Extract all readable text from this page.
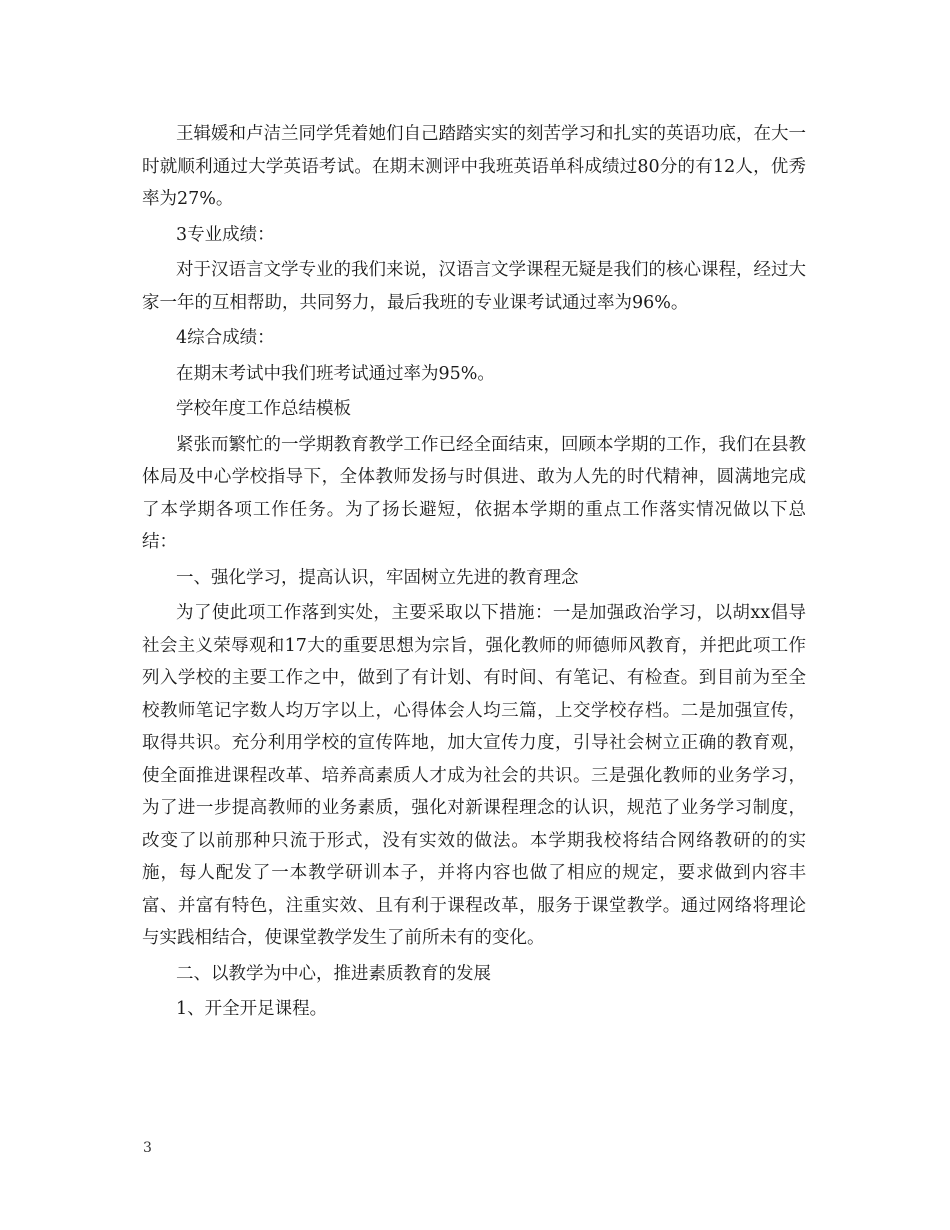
王辑媛和卢洁兰同学凭着她们自己踏踏实实的刻苦学习和扎实的英语功底，在大一时就顺利通过大学英语考试。在期末测评中我班英语单科成绩过80分的有12人，优秀率为27%。

3专业成绩：

对于汉语言文学专业的我们来说，汉语言文学课程无疑是我们的核心课程，经过大家一年的互相帮助，共同努力，最后我班的专业课考试通过率为96%。

4综合成绩：

在期末考试中我们班考试通过率为95%。

学校年度工作总结模板

紧张而繁忙的一学期教育教学工作已经全面结束，回顾本学期的工作，我们在县教体局及中心学校指导下，全体教师发扬与时俱进、敢为人先的时代精神，圆满地完成了本学期各项工作任务。为了扬长避短，依据本学期的重点工作落实情况做以下总结：

一、强化学习，提高认识，牢固树立先进的教育理念

为了使此项工作落到实处，主要采取以下措施：一是加强政治学习，以胡xx倡导社会主义荣辱观和17大的重要思想为宗旨，强化教师的师德师风教育，并把此项工作列入学校的主要工作之中，做到了有计划、有时间、有笔记、有检查。到目前为至全校教师笔记字数人均万字以上，心得体会人均三篇，上交学校存档。二是加强宣传，取得共识。充分利用学校的宣传阵地，加大宣传力度，引导社会树立正确的教育观，使全面推进课程改革、培养高素质人才成为社会的共识。三是强化教师的业务学习，为了进一步提高教师的业务素质，强化对新课程理念的认识，规范了业务学习制度，改变了以前那种只流于形式，没有实效的做法。本学期我校将结合网络教研的的实施，每人配发了一本教学研训本子，并将内容也做了相应的规定，要求做到内容丰富、并富有特色，注重实效、且有利于课程改革，服务于课堂教学。通过网络将理论与实践相结合，使课堂教学发生了前所未有的变化。

二、以教学为中心，推进素质教育的发展

1、开全开足课程。

3
